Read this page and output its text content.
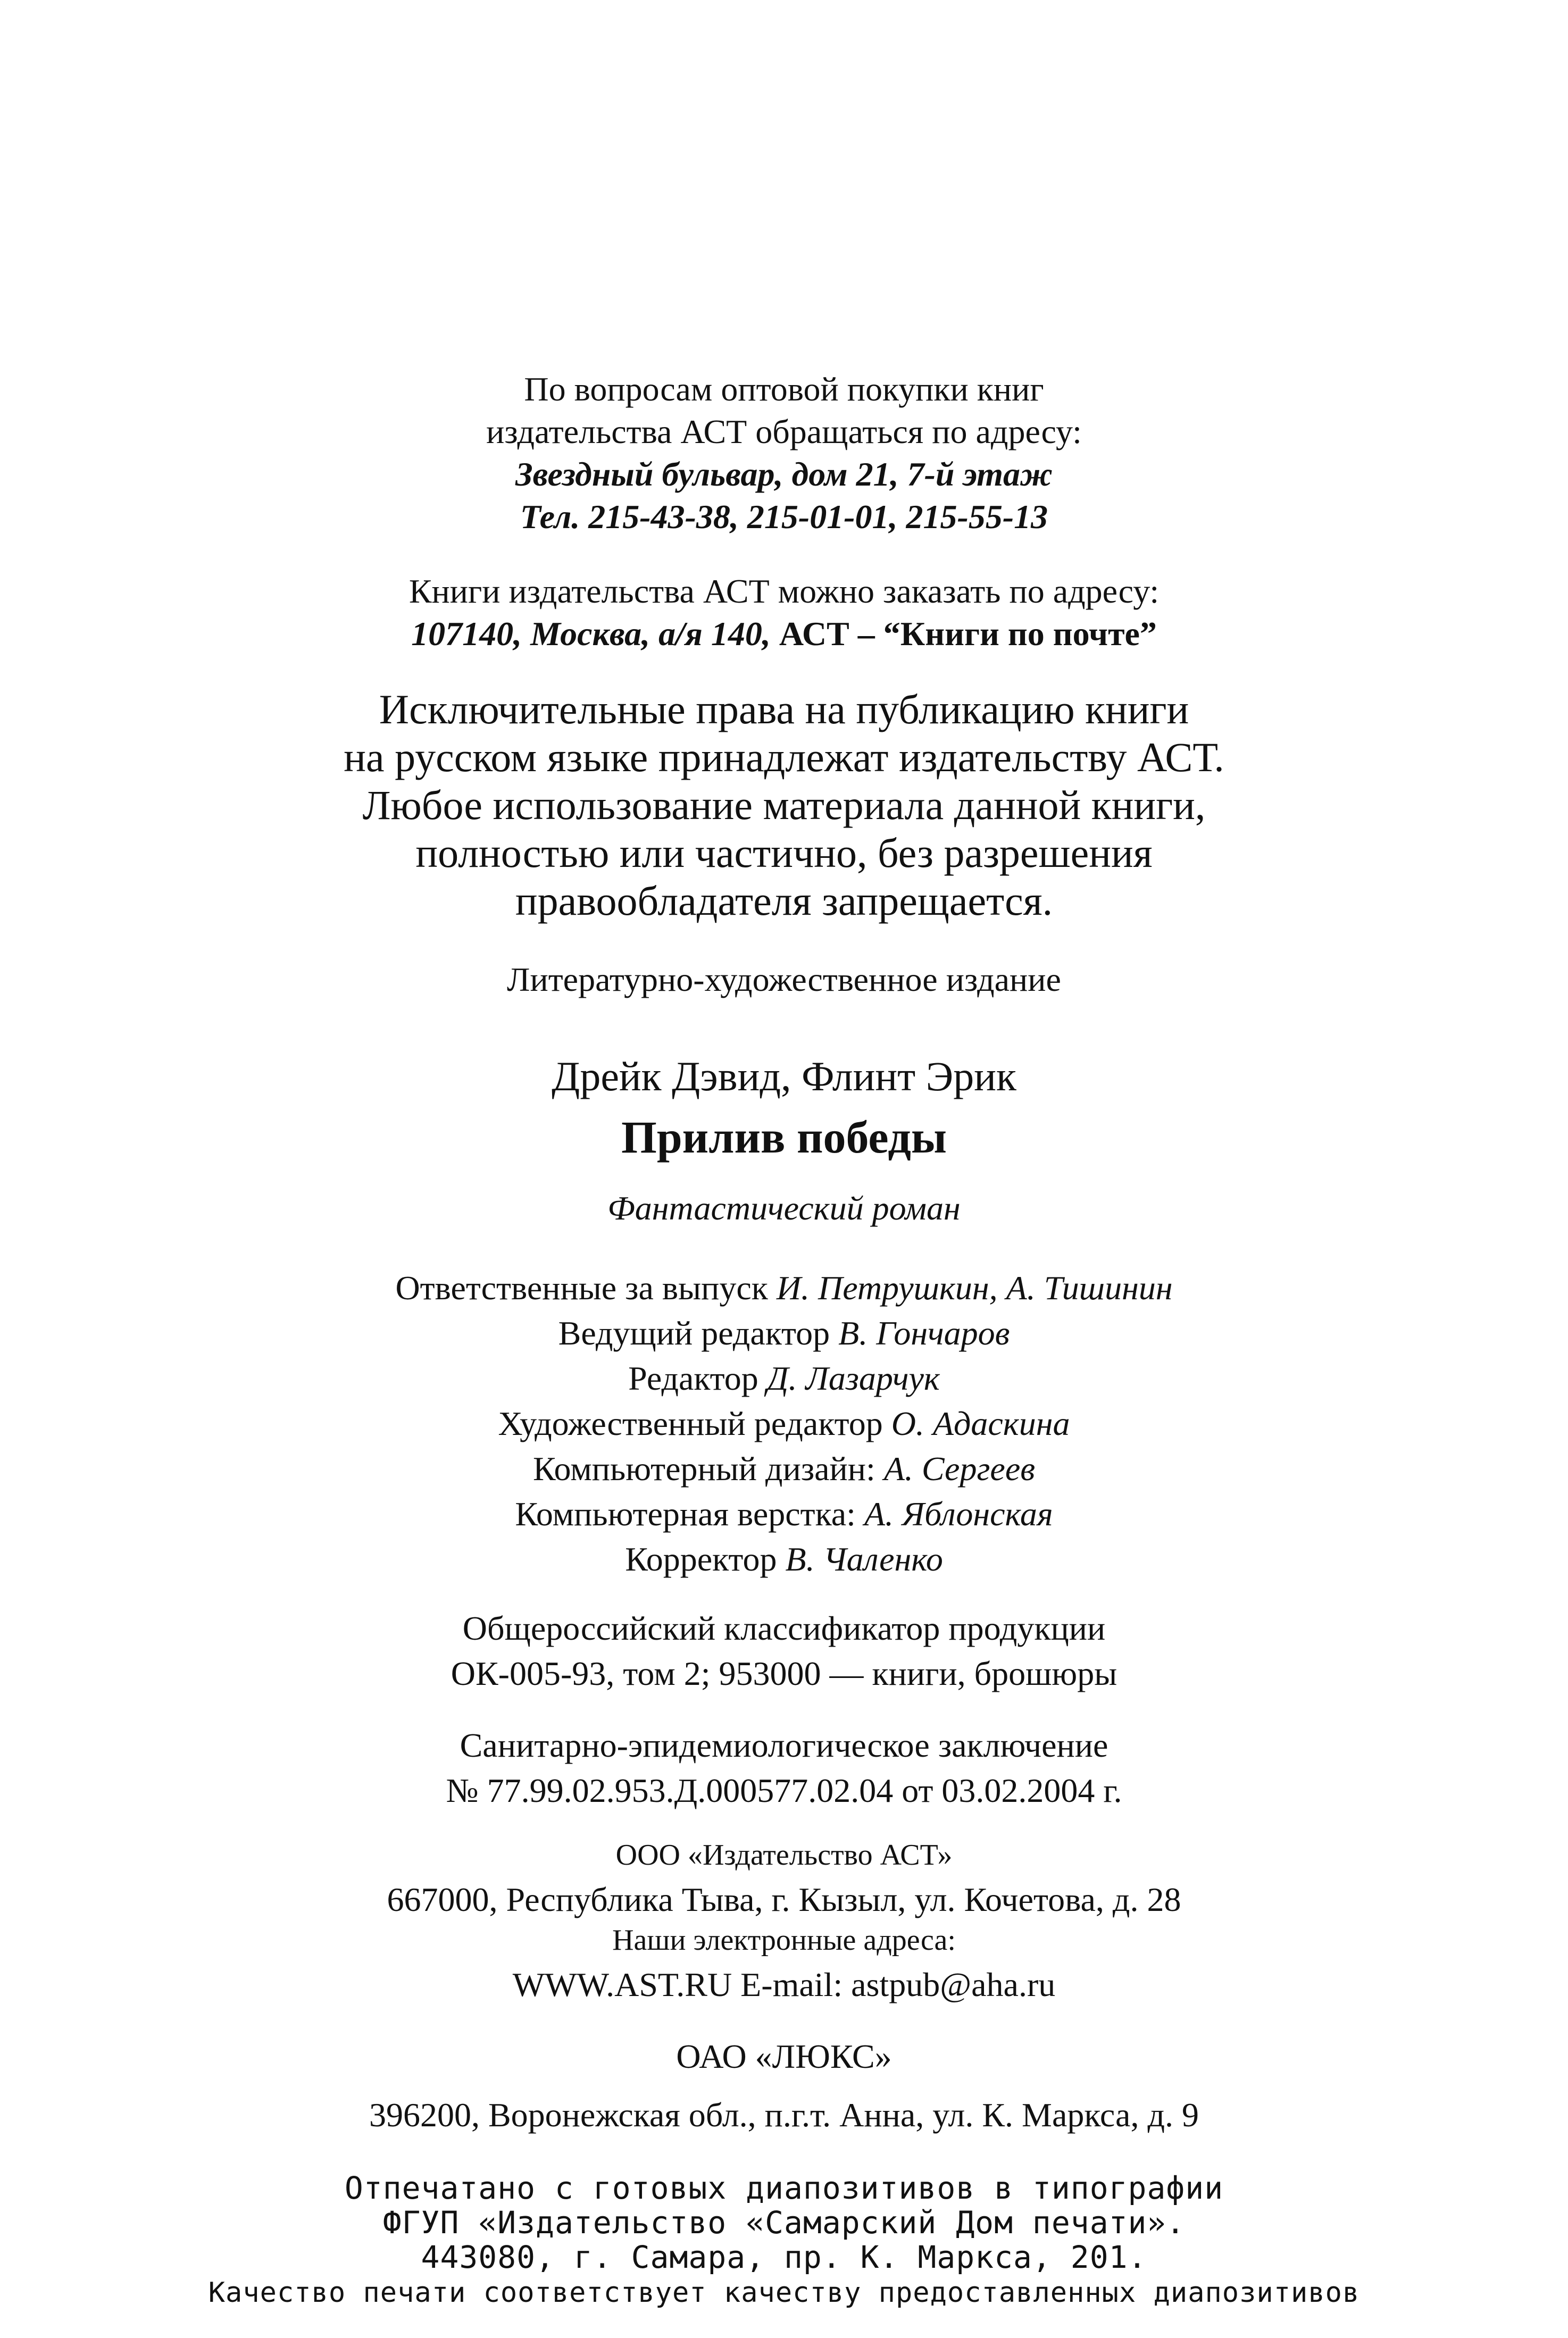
По вопросам оптовой покупки книг
издательства АСТ обращаться по адресу:
Звездный бульвар, дом 21, 7-й этаж
Тел. 215-43-38, 215-01-01, 215-55-13
Книги издательства АСТ можно заказать по адресу:
107140, Москва, а/я 140, АСТ – “Книги по почте”
Исключительные права на публикацию книги
на русском языке принадлежат издательству АСТ.
Любое использование материала данной книги,
полностью или частично, без разрешения
правообладателя запрещается.
Литературно-художественное издание
Дрейк Дэвид, Флинт Эрик
Прилив победы
Фантастический роман
Ответственные за выпуск И. Петрушкин, А. Тишинин
Ведущий редактор В. Гончаров
Редактор Д. Лазарчук
Художественный редактор О. Адаскина
Компьютерный дизайн: А. Сергеев
Компьютерная верстка: А. Яблонская
Корректор В. Чаленко
Общероссийский классификатор продукции
ОК-005-93, том 2; 953000 — книги, брошюры
Санитарно-эпидемиологическое заключение
№ 77.99.02.953.Д.000577.02.04 от 03.02.2004 г.
ООО «Издательство АСТ»
667000, Республика Тыва, г. Кызыл, ул. Кочетова, д. 28
Наши электронные адреса:
WWW.AST.RU E-mail: astpub@aha.ru
ОАО «ЛЮКС»
396200, Воронежская обл., п.г.т. Анна, ул. К. Маркса, д. 9
Отпечатано с готовых диапозитивов в типографии
ФГУП «Издательство «Самарский Дом печати».
443080, г. Самара, пр. К. Маркса, 201.
Качество печати соответствует качеству предоставленных диапозитивов
